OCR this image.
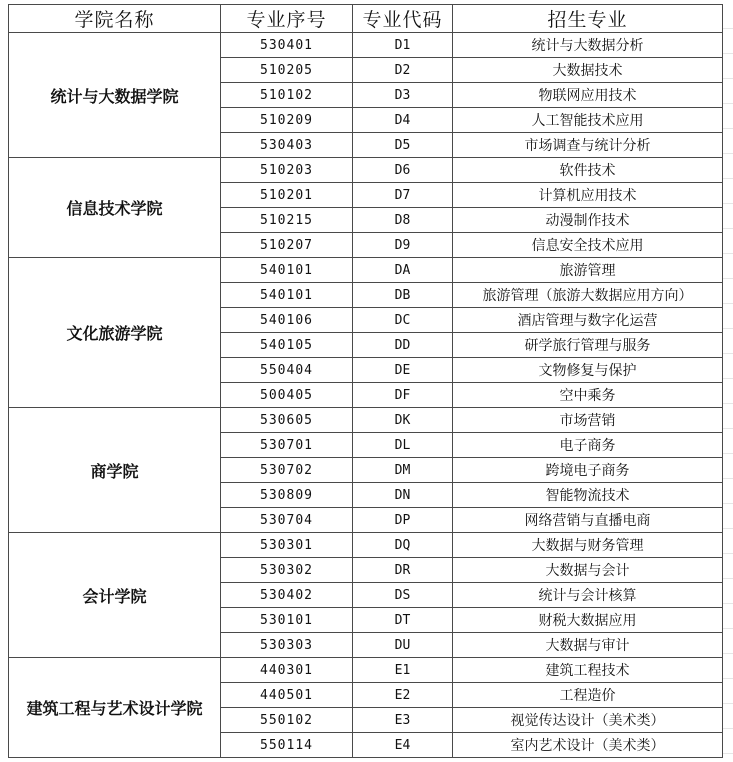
学院名称	专业序号	专业代码	招生专业
统计与大数据学院	530401	D1	统计与大数据分析
	510205	D2	大数据技术
	510102	D3	物联网应用技术
	510209	D4	人工智能技术应用
	530403	D5	市场调查与统计分析
信息技术学院	510203	D6	软件技术
	510201	D7	计算机应用技术
	510215	D8	动漫制作技术
	510207	D9	信息安全技术应用
文化旅游学院	540101	DA	旅游管理
	540101	DB	旅游管理（旅游大数据应用方向）
	540106	DC	酒店管理与数字化运营
	540105	DD	研学旅行管理与服务
	550404	DE	文物修复与保护
	500405	DF	空中乘务
商学院	530605	DK	市场营销
	530701	DL	电子商务
	530702	DM	跨境电子商务
	530809	DN	智能物流技术
	530704	DP	网络营销与直播电商
会计学院	530301	DQ	大数据与财务管理
	530302	DR	大数据与会计
	530402	DS	统计与会计核算
	530101	DT	财税大数据应用
	530303	DU	大数据与审计
建筑工程与艺术设计学院	440301	E1	建筑工程技术
	440501	E2	工程造价
	550102	E3	视觉传达设计（美术类）
	550114	E4	室内艺术设计（美术类）
